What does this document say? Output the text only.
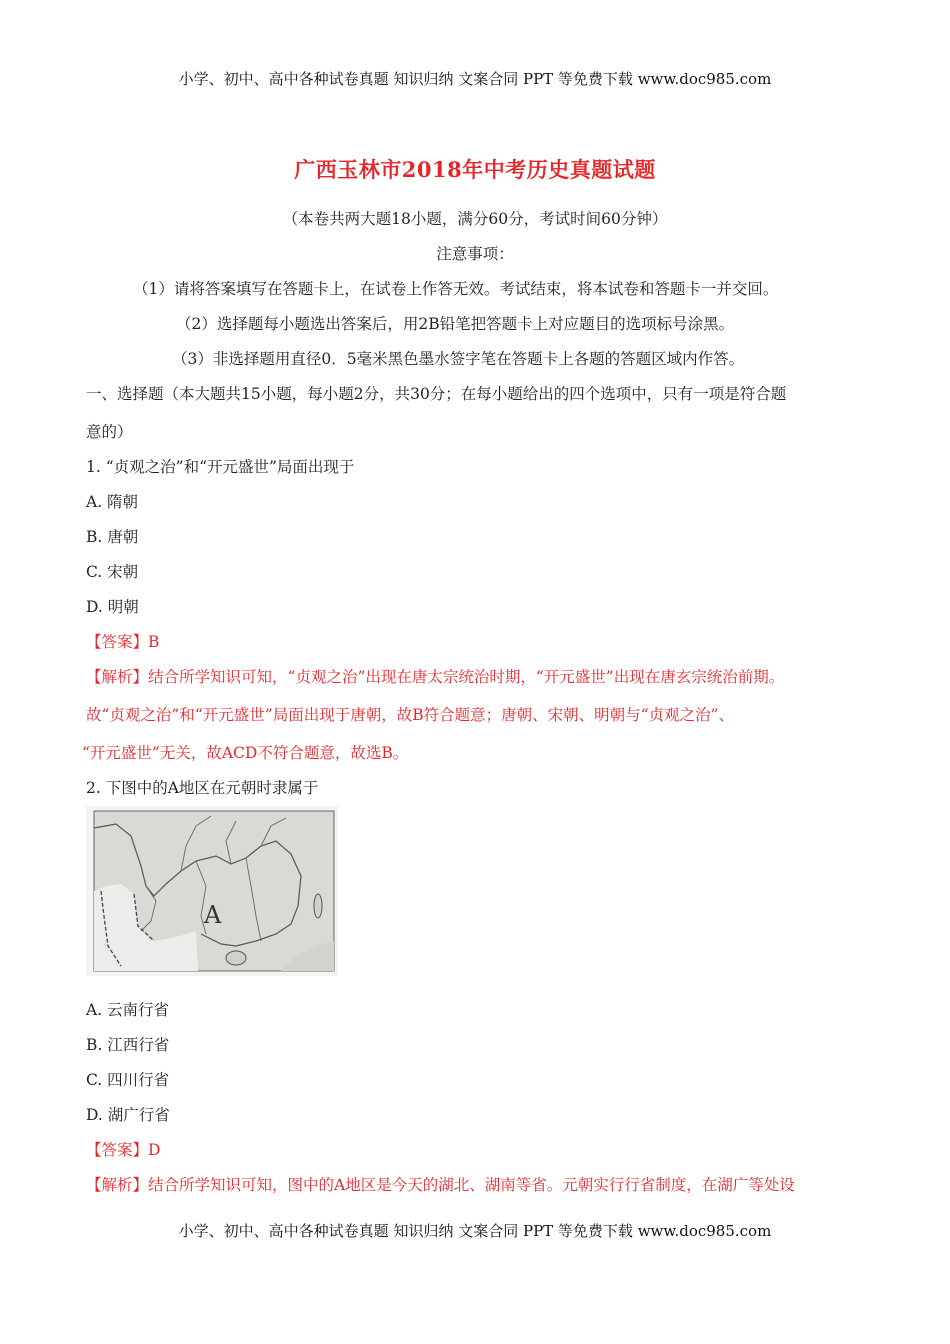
小学、初中、高中各种试卷真题 知识归纳 文案合同 PPT 等免费下载 www.doc985.com
广西玉林市2018年中考历史真题试题
（本卷共两大题18小题，满分60分，考试时间60分钟）
注意事项：
（1）请将答案填写在答题卡上，在试卷上作答无效。考试结束，将本试卷和答题卡一并交回。
（2）选择题每小题选出答案后，用2B铅笔把答题卡上对应题目的选项标号涂黑。
（3）非选择题用直径0．5毫米黑色墨水签字笔在答题卡上各题的答题区域内作答。
一、选择题（本大题共15小题，每小题2分，共30分；在每小题给出的四个选项中，只有一项是符合题
意的）
1. “贞观之治”和“开元盛世”局面出现于
A. 隋朝
B. 唐朝
C. 宋朝
D. 明朝
【答案】B
【解析】结合所学知识可知，“贞观之治”出现在唐太宗统治时期，“开元盛世”出现在唐玄宗统治前期。
故“贞观之治”和“开元盛世”局面出现于唐朝，故B符合题意；唐朝、宋朝、明朝与“贞观之治”、
“开元盛世”无关，故ACD不符合题意，故选B。
2. 下图中的A地区在元朝时隶属于
A
A. 云南行省
B. 江西行省
C. 四川行省
D. 湖广行省
【答案】D
【解析】结合所学知识可知，图中的A地区是今天的湖北、湖南等省。元朝实行行省制度，在湖广等处设
小学、初中、高中各种试卷真题 知识归纳 文案合同 PPT 等免费下载 www.doc985.com
